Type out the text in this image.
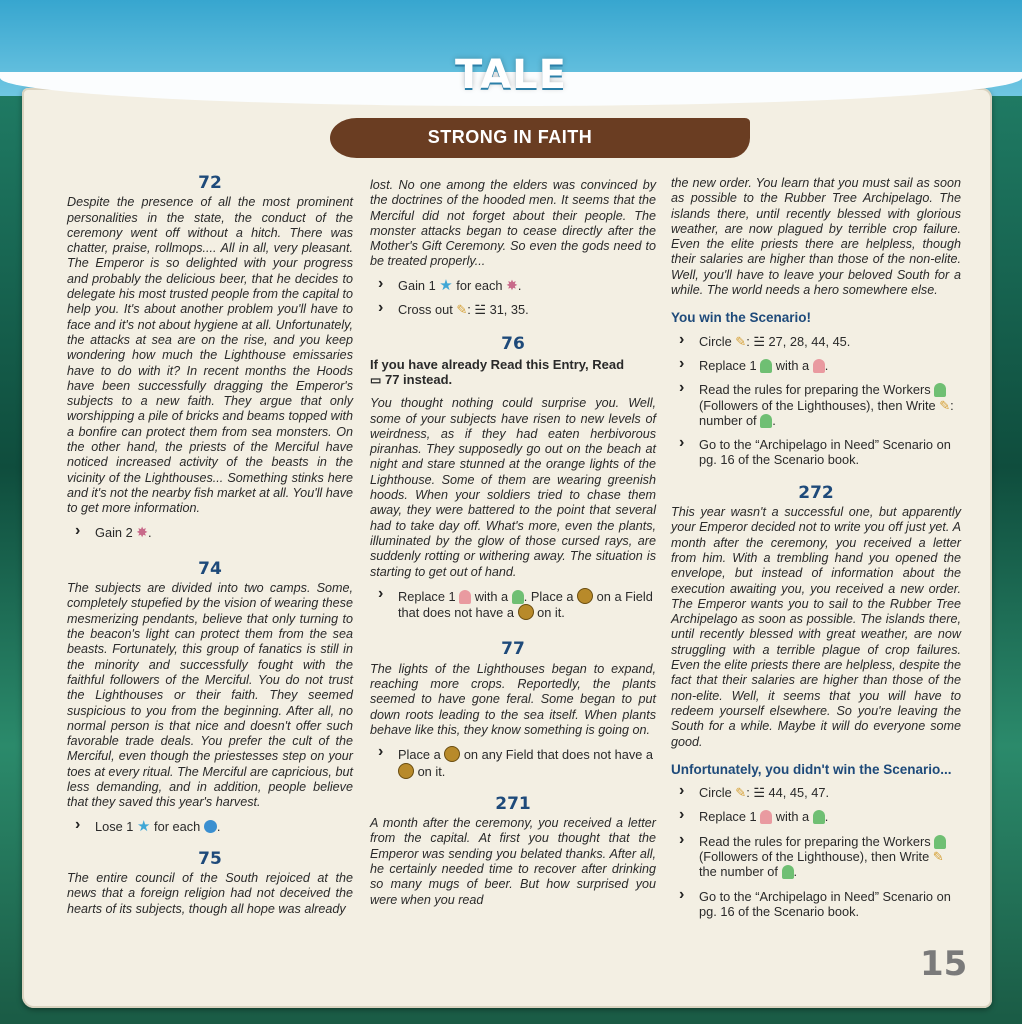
TALE
STRONG IN FAITH
72

Despite the presence of all the most prominent personalities in the state, the conduct of the ceremony went off without a hitch. There was chatter, praise, rollmops.... All in all, very pleasant. The Emperor is so delighted with your progress and probably the delicious beer, that he decides to delegate his most trusted people from the capital to help you. It's about another problem you'll have to face and it's not about hygiene at all. Unfortunately, the attacks at sea are on the rise, and you keep wondering how much the Lighthouse emissaries have to do with it? In recent months the Hoods have been successfully dragging the Emperor's subjects to a new faith. They argue that only worshipping a pile of bricks and beams topped with a bonfire can protect them from sea monsters. On the other hand, the priests of the Merciful have noticed increased activity of the beasts in the vicinity of the Lighthouses... Something stinks here and it's not the nearby fish market at all. You'll have to get more information.

› Gain 2 ✸.
74

The subjects are divided into two camps. Some, completely stupefied by the vision of wearing these mesmerizing pendants, believe that only turning to the beacon's light can protect them from the sea beasts. Fortunately, this group of fanatics is still in the minority and successfully fought with the faithful followers of the Merciful. You do not trust the Lighthouses or their faith. They seemed suspicious to you from the beginning. After all, no normal person is that nice and doesn't offer such favorable trade deals. You prefer the cult of the Merciful, even though the priestesses step on your toes at every ritual. The Merciful are capricious, but less demanding, and in addition, people believe that they saved this year's harvest.

› Lose 1 ★ for each .
75

The entire council of the South rejoiced at the news that a foreign religion had not deceived the hearts of its subjects, though all hope was already

lost. No one among the elders was convinced by the doctrines of the hooded men. It seems that the Merciful did not forget about their people. The monster attacks began to cease directly after the Mother's Gift Ceremony. So even the gods need to be treated properly...

› Gain 1 ★ for each ✸.
› Cross out ✎: ☱ 31, 35.
76
If you have already Read this Entry, Read
▭ 77 instead.

You thought nothing could surprise you. Well, some of your subjects have risen to new levels of weirdness, as if they had eaten herbivorous piranhas. They supposedly go out on the beach at night and stare stunned at the orange lights of the Lighthouse. Some of them are wearing greenish hoods. When your soldiers tried to chase them away, they were battered to the point that several had to take day off. What's more, even the plants, illuminated by the glow of those cursed rays, are suddenly rotting or withering away. The situation is starting to get out of hand.

› Replace 1 with a . Place a on a Field that does not have a on it.
77

The lights of the Lighthouses began to expand, reaching more crops. Reportedly, the plants seemed to have gone feral. Some began to put down roots leading to the sea itself. When plants behave like this, they know something is going on.

› Place a on any Field that does not have a  on it.
271

A month after the ceremony, you received a letter from the capital. At first you thought that the Emperor was sending you belated thanks. After all, he certainly needed time to recover after drinking so many mugs of beer. But how surprised you were when you read

the new order. You learn that you must sail as soon as possible to the Rubber Tree Archipelago. The islands there, until recently blessed with glorious weather, are now plagued by terrible crop failure. Even the elite priests there are helpless, though their salaries are higher than those of the non-elite. Well, you'll have to leave your beloved South for a while. The world needs a hero somewhere else.

You win the Scenario!
› Circle ✎: ☱ 27, 28, 44, 45.
› Replace 1 with a .
› Read the rules for preparing the Workers  (Followers of the Lighthouses), then Write ✎: number of .
› Go to the “Archipelago in Need” Scenario on pg. 16 of the Scenario book.
272

This year wasn't a successful one, but apparently your Emperor decided not to write you off just yet. A month after the ceremony, you received a letter from him. With a trembling hand you opened the envelope, but instead of information about the execution awaiting you, you received a new order. The Emperor wants you to sail to the Rubber Tree Archipelago as soon as possible. The islands there, until recently blessed with great weather, are now struggling with a terrible plague of crop failures. Even the elite priests there are helpless, despite the fact that their salaries are higher than those of the non-elite. Well, it seems that you will have to redeem yourself elsewhere. So you're leaving the South for a while. Maybe it will do everyone some good.

Unfortunately, you didn't win the Scenario...
› Circle ✎: ☱ 44, 45, 47.
› Replace 1 with a .
› Read the rules for preparing the Workers  (Followers of the Lighthouse), then Write ✎ the number of .
› Go to the “Archipelago in Need” Scenario on pg. 16 of the Scenario book.
15
